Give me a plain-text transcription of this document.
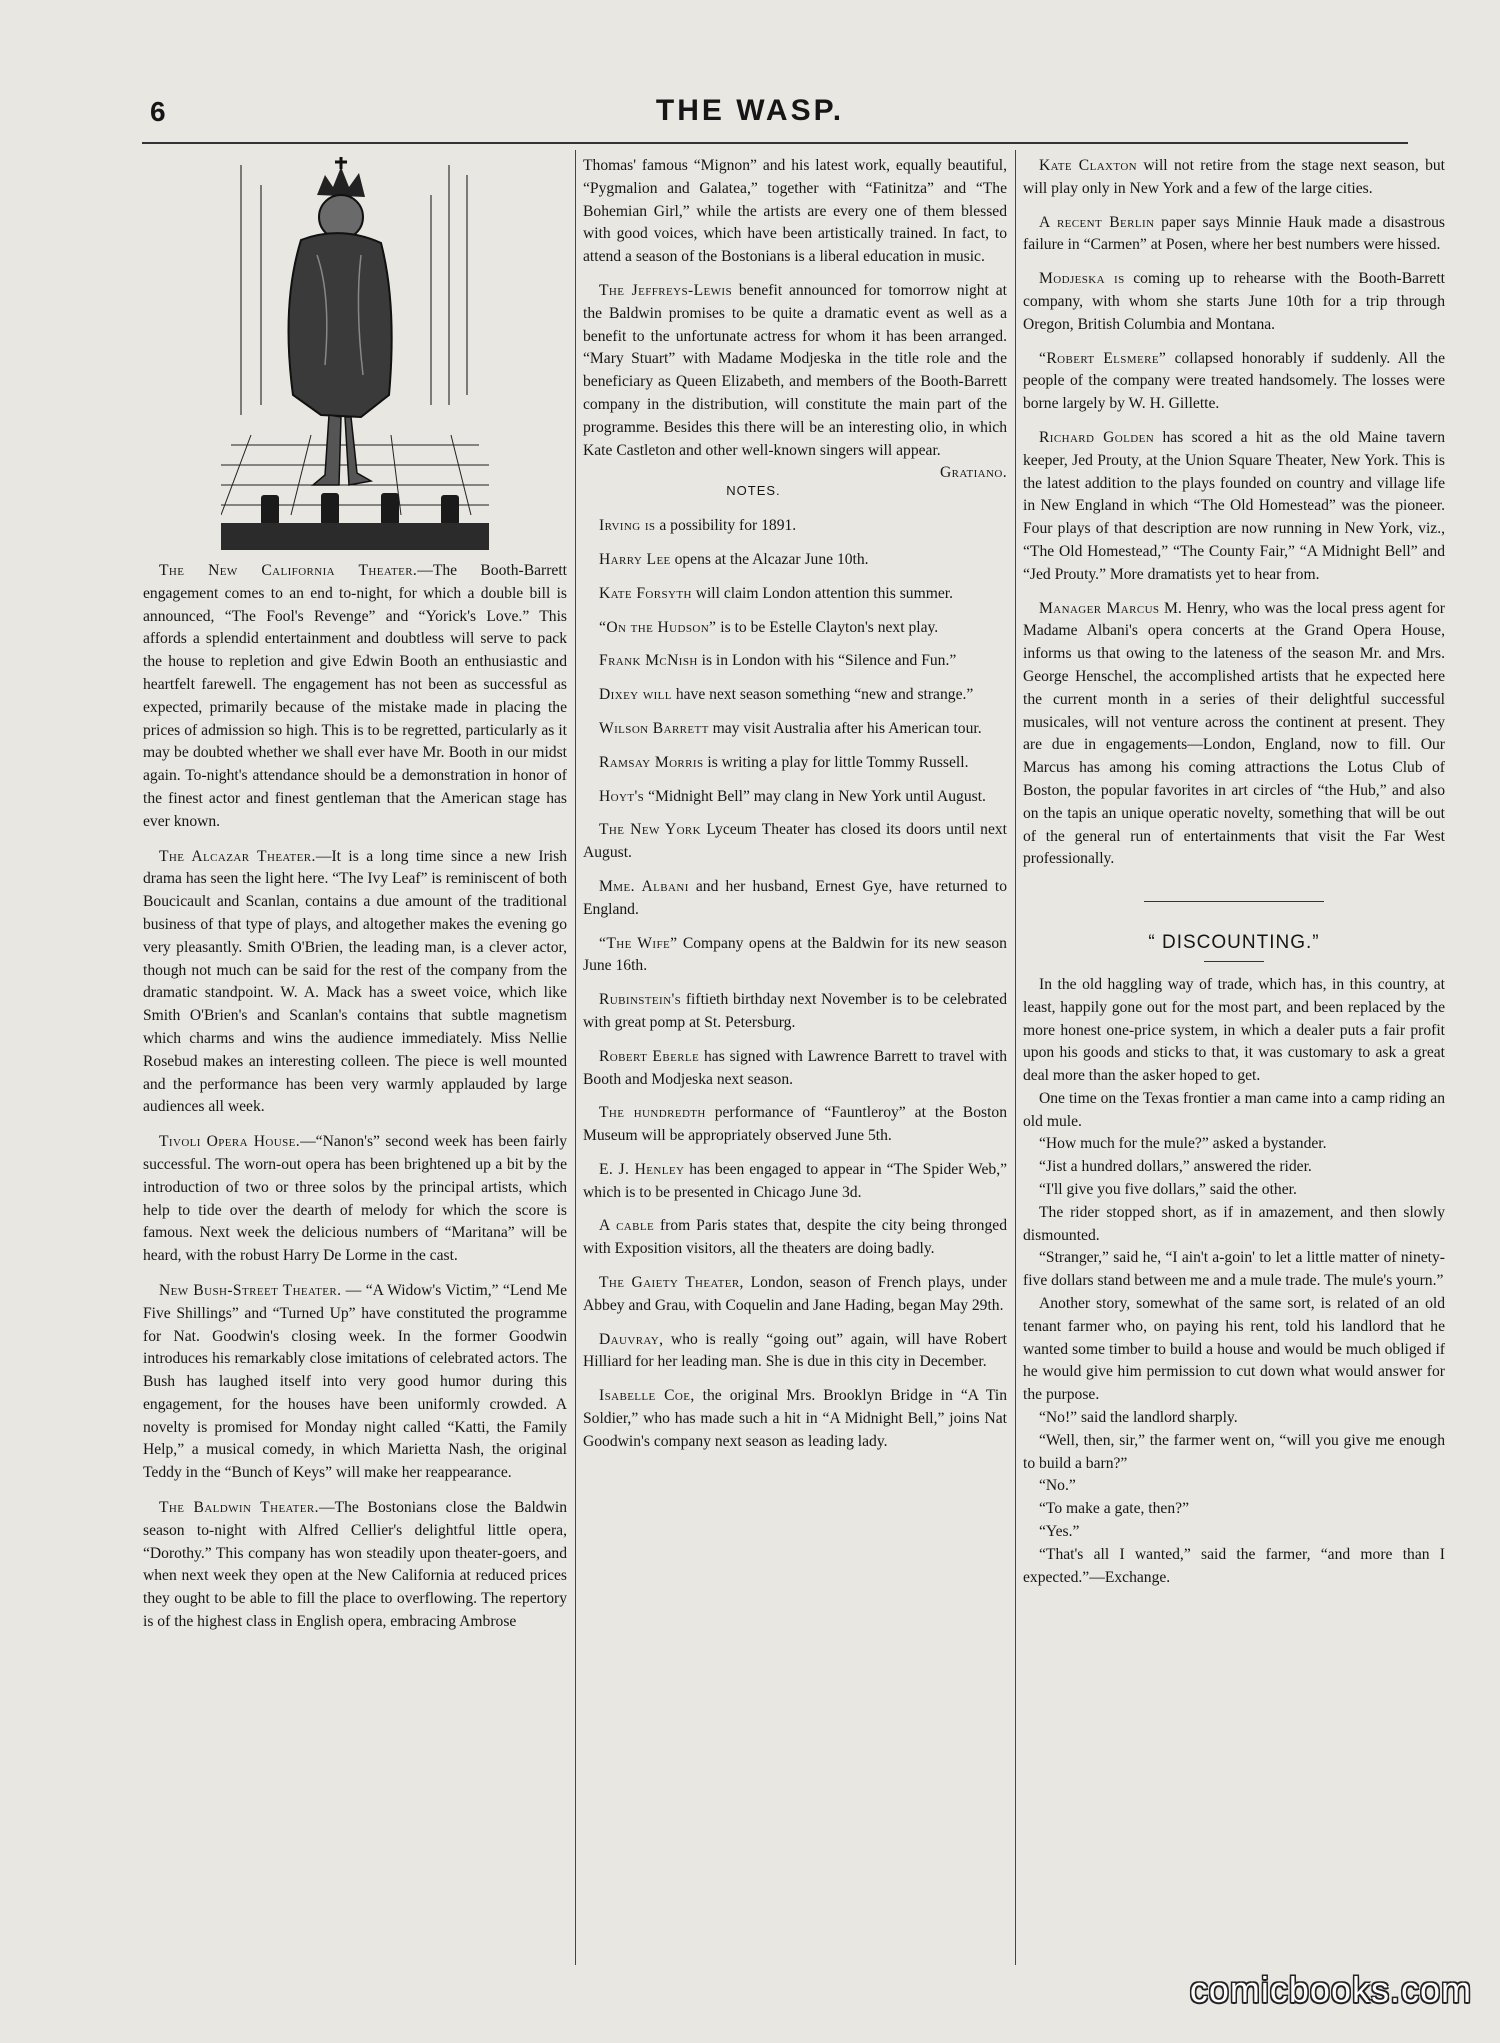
6	THE WASP.

The New California Theater.—The Booth-Barrett engagement comes to an end to-night, for which a double bill is announced, “The Fool's Revenge” and “Yorick's Love.” This affords a splendid entertainment and doubtless will serve to pack the house to repletion and give Edwin Booth an enthusiastic and heartfelt farewell. The engagement has not been as successful as expected, primarily because of the mistake made in placing the prices of admission so high. This is to be regretted, particularly as it may be doubted whether we shall ever have Mr. Booth in our midst again. To-night's attendance should be a demonstration in honor of the finest actor and finest gentleman that the American stage has ever known.

The Alcazar Theater.—It is a long time since a new Irish drama has seen the light here. “The Ivy Leaf” is reminiscent of both Boucicault and Scanlan, contains a due amount of the traditional business of that type of plays, and altogether makes the evening go very pleasantly. Smith O'Brien, the leading man, is a clever actor, though not much can be said for the rest of the company from the dramatic standpoint. W. A. Mack has a sweet voice, which like Smith O'Brien's and Scanlan's contains that subtle magnetism which charms and wins the audience immediately. Miss Nellie Rosebud makes an interesting colleen. The piece is well mounted and the performance has been very warmly applauded by large audiences all week.

Tivoli Opera House.—“Nanon's” second week has been fairly successful. The worn-out opera has been brightened up a bit by the introduction of two or three solos by the principal artists, which help to tide over the dearth of melody for which the score is famous. Next week the delicious numbers of “Maritana” will be heard, with the robust Harry De Lorme in the cast.

New Bush-Street Theater. — “A Widow's Victim,” “Lend Me Five Shillings” and “Turned Up” have constituted the programme for Nat. Goodwin's closing week. In the former Goodwin introduces his remarkably close imitations of celebrated actors. The Bush has laughed itself into very good humor during this engagement, for the houses have been uniformly crowded. A novelty is promised for Monday night called “Katti, the Family Help,” a musical comedy, in which Marietta Nash, the original Teddy in the “Bunch of Keys” will make her reappearance.

The Baldwin Theater.—The Bostonians close the Baldwin season to-night with Alfred Cellier's delightful little opera, “Dorothy.” This company has won steadily upon theater-goers, and when next week they open at the New California at reduced prices they ought to be able to fill the place to overflowing. The repertory is of the highest class in English opera, embracing Ambrose

Thomas' famous “Mignon” and his latest work, equally beautiful, “Pygmalion and Galatea,” together with “Fatinitza” and “The Bohemian Girl,” while the artists are every one of them blessed with good voices, which have been artistically trained. In fact, to attend a season of the Bostonians is a liberal education in music.

The Jeffreys-Lewis benefit announced for tomorrow night at the Baldwin promises to be quite a dramatic event as well as a benefit to the unfortunate actress for whom it has been arranged. “Mary Stuart” with Madame Modjeska in the title role and the beneficiary as Queen Elizabeth, and members of the Booth-Barrett company in the distribution, will constitute the main part of the programme. Besides this there will be an interesting olio, in which Kate Castleton and other well-known singers will appear.
Gratiano.

NOTES.

Irving is a possibility for 1891.

Harry Lee opens at the Alcazar June 10th.

Kate Forsyth will claim London attention this summer.

“On the Hudson” is to be Estelle Clayton's next play.

Frank McNish is in London with his “Silence and Fun.”

Dixey will have next season something “new and strange.”

Wilson Barrett may visit Australia after his American tour.

Ramsay Morris is writing a play for little Tommy Russell.

Hoyt's “Midnight Bell” may clang in New York until August.

The New York Lyceum Theater has closed its doors until next August.

Mme. Albani and her husband, Ernest Gye, have returned to England.

“The Wife” Company opens at the Baldwin for its new season June 16th.

Rubinstein's fiftieth birthday next November is to be celebrated with great pomp at St. Petersburg.

Robert Eberle has signed with Lawrence Barrett to travel with Booth and Modjeska next season.

The hundredth performance of “Fauntleroy” at the Boston Museum will be appropriately observed June 5th.

E. J. Henley has been engaged to appear in “The Spider Web,” which is to be presented in Chicago June 3d.

A cable from Paris states that, despite the city being thronged with Exposition visitors, all the theaters are doing badly.

The Gaiety Theater, London, season of French plays, under Abbey and Grau, with Coquelin and Jane Hading, began May 29th.

Dauvray, who is really “going out” again, will have Robert Hilliard for her leading man. She is due in this city in December.

Isabelle Coe, the original Mrs. Brooklyn Bridge in “A Tin Soldier,” who has made such a hit in “A Midnight Bell,” joins Nat Goodwin's company next season as leading lady.

Kate Claxton will not retire from the stage next season, but will play only in New York and a few of the large cities.

A recent Berlin paper says Minnie Hauk made a disastrous failure in “Carmen” at Posen, where her best numbers were hissed.

Modjeska is coming up to rehearse with the Booth-Barrett company, with whom she starts June 10th for a trip through Oregon, British Columbia and Montana.

“Robert Elsmere” collapsed honorably if suddenly. All the people of the company were treated handsomely. The losses were borne largely by W. H. Gillette.

Richard Golden has scored a hit as the old Maine tavern keeper, Jed Prouty, at the Union Square Theater, New York. This is the latest addition to the plays founded on country and village life in New England in which “The Old Homestead” was the pioneer. Four plays of that description are now running in New York, viz., “The Old Homestead,” “The County Fair,” “A Midnight Bell” and “Jed Prouty.” More dramatists yet to hear from.

Manager Marcus M. Henry, who was the local press agent for Madame Albani's opera concerts at the Grand Opera House, informs us that owing to the lateness of the season Mr. and Mrs. George Henschel, the accomplished artists that he expected here the current month in a series of their delightful successful musicales, will not venture across the continent at present. They are due in engagements—London, England, now to fill. Our Marcus has among his coming attractions the Lotus Club of Boston, the popular favorites in art circles of “the Hub,” and also on the tapis an unique operatic novelty, something that will be out of the general run of entertainments that visit the Far West professionally.

“ DISCOUNTING.”

In the old haggling way of trade, which has, in this country, at least, happily gone out for the most part, and been replaced by the more honest one-price system, in which a dealer puts a fair profit upon his goods and sticks to that, it was customary to ask a great deal more than the asker hoped to get.

One time on the Texas frontier a man came into a camp riding an old mule.

“How much for the mule?” asked a bystander.

“Jist a hundred dollars,” answered the rider.

“I'll give you five dollars,” said the other.

The rider stopped short, as if in amazement, and then slowly dismounted.

“Stranger,” said he, “I ain't a-goin' to let a little matter of ninety-five dollars stand between me and a mule trade. The mule's yourn.”

Another story, somewhat of the same sort, is related of an old tenant farmer who, on paying his rent, told his landlord that he wanted some timber to build a house and would be much obliged if he would give him permission to cut down what would answer for the purpose.

“No!” said the landlord sharply.

“Well, then, sir,” the farmer went on, “will you give me enough to build a barn?”

“No.”

“To make a gate, then?”

“Yes.”

“That's all I wanted,” said the farmer, “and more than I expected.”—Exchange.

comicbooks.com
